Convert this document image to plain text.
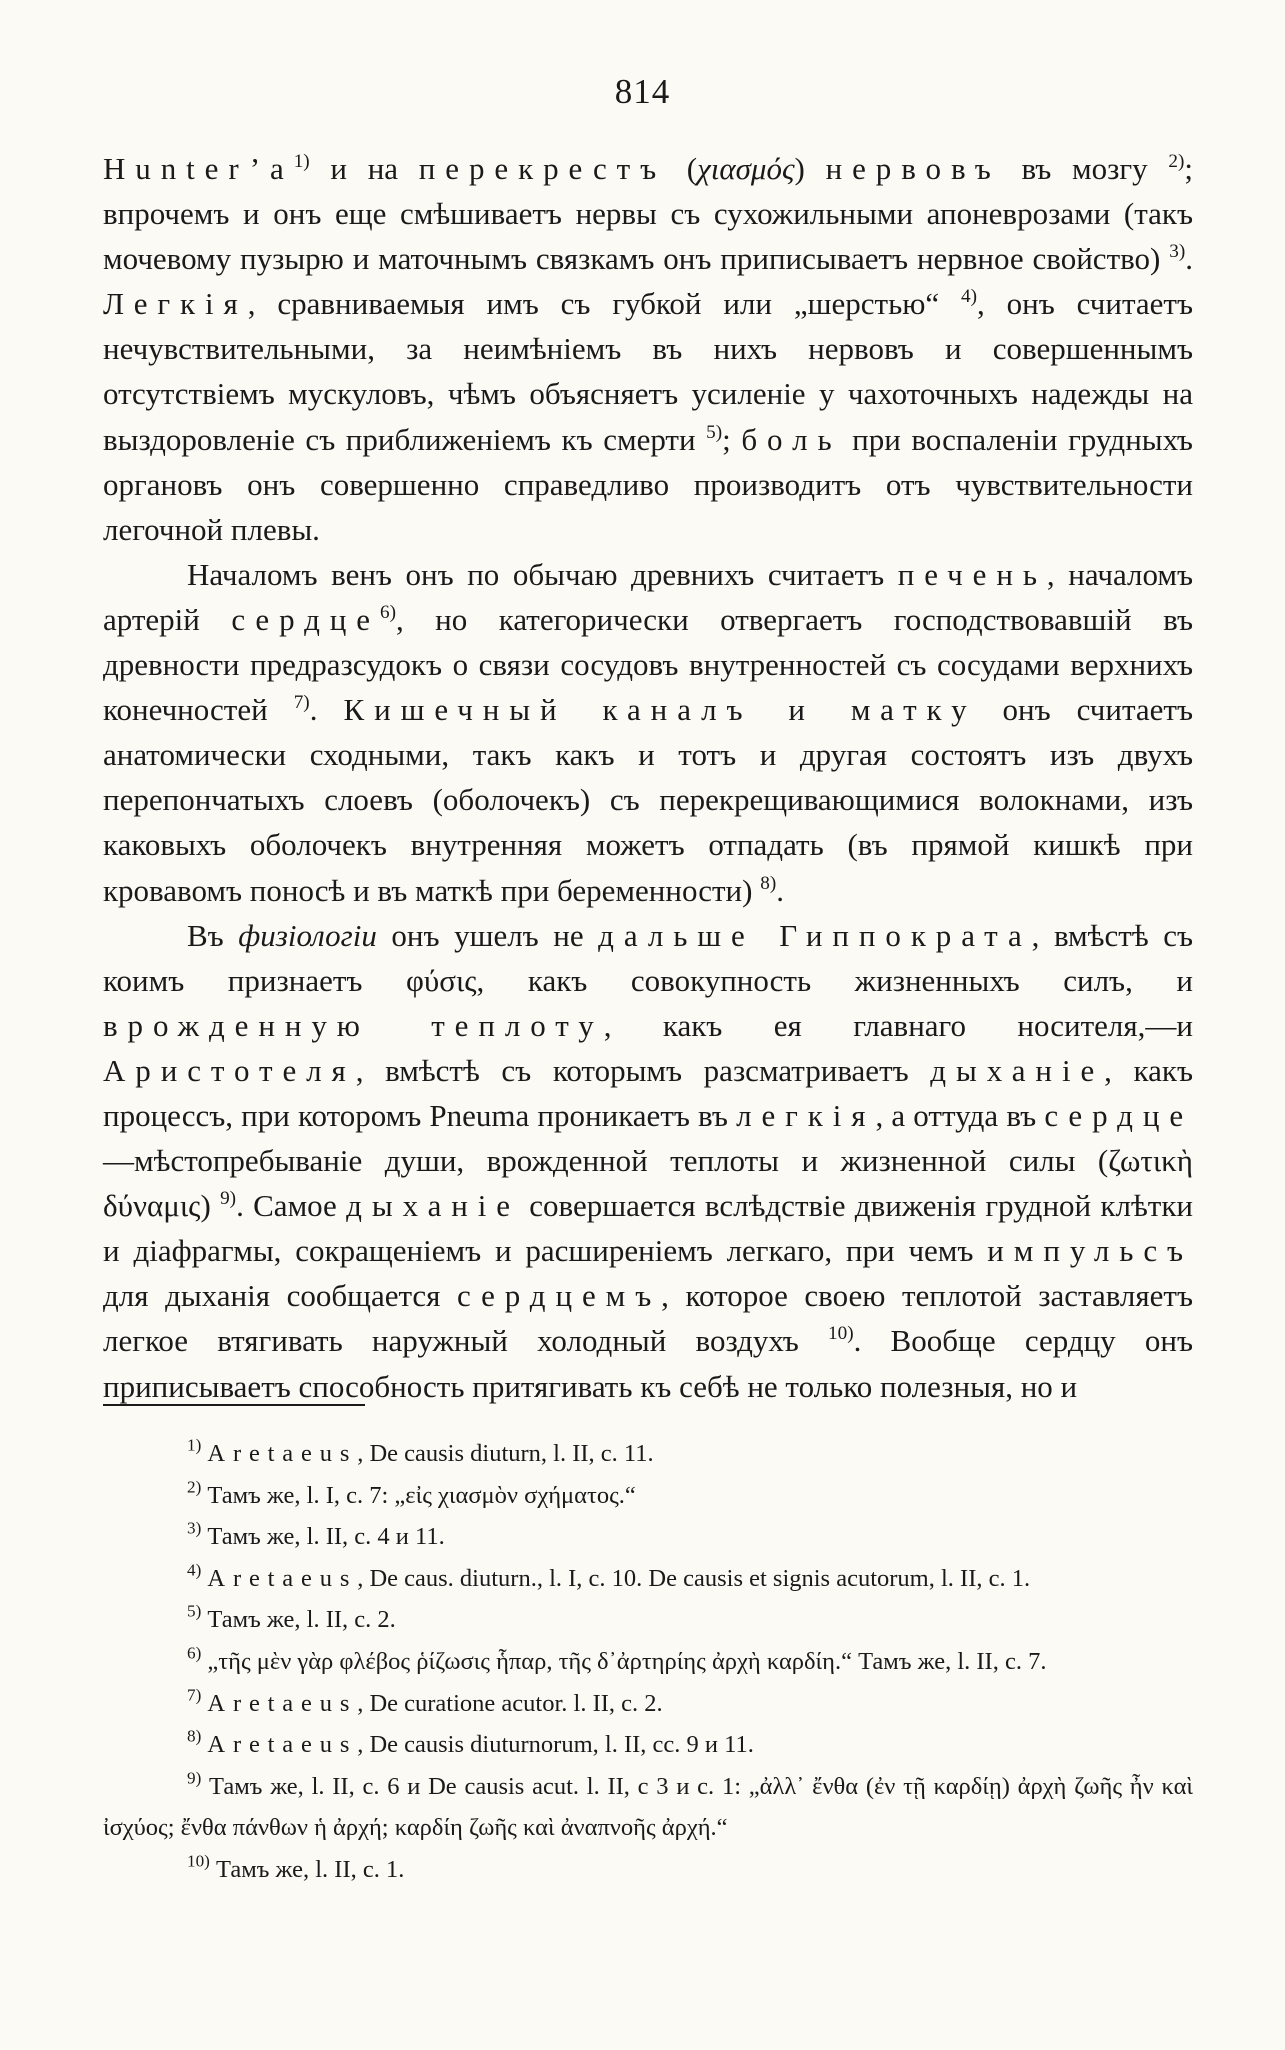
814

$Hunter’a^{1)}$ и на перекрестъ (χιασμός) нервовъ въ мозгу $^{2)}$; впрочемъ и онъ еще смѣшиваетъ нервы съ сухожильными апоневрозами (такъ мочевому пузырю и маточнымъ связкамъ онъ приписываетъ нервное свойство) $^{3)}$. Легкія, сравниваемыя имъ съ губкой или „шерстью“ $^{4)}$, онъ считаетъ нечувствительными, за неимѣніемъ въ нихъ нервовъ и совершеннымъ отсутствіемъ мускуловъ, чѣмъ объясняетъ усиленіе у чахоточныхъ надежды на выздоровленіе съ приближеніемъ къ смерти $^{5)}$; боль при воспаленіи грудныхъ органовъ онъ совершенно справедливо производитъ отъ чувствительности легочной плевы.

Началомъ венъ онъ по обычаю древнихъ считаетъ печень, началомъ артерій сердце$^{6)}$, но категорически отвергаетъ господствовавшій въ древности предразсудокъ о связи сосудовъ внутренностей съ сосудами верхнихъ конечностей $^{7)}$. Кишечный каналъ и матку онъ считаетъ анатомически сходными, такъ какъ и тотъ и другая состоятъ изъ двухъ перепончатыхъ слоевъ (оболочекъ) съ перекрещивающимися волокнами, изъ каковыхъ оболочекъ внутренняя можетъ отпадать (въ прямой кишкѣ при кровавомъ поносѣ и въ маткѣ при беременности) $^{8)}$.

Въ физіологіи онъ ушелъ не дальше Гиппократа, вмѣстѣ съ коимъ признаетъ φύσις, какъ совокупность жизненныхъ силъ, и врожденную теплоту, какъ ея главнаго носителя,—и Аристотеля, вмѣстѣ съ которымъ разсматриваетъ дыханіе, какъ процессъ, при которомъ Pneuma проникаетъ въ легкія, а оттуда въ сердце—мѣстопребываніе души, врожденной теплоты и жизненной силы (ζωτικὴ δύναμις) $^{9)}$. Самое дыханіе совершается вслѣдствіе движенія грудной клѣтки и діафрагмы, сокращеніемъ и расширеніемъ легкаго, при чемъ импульсъ для дыханія сообщается сердцемъ, которое своею теплотой заставляетъ легкое втягивать наружный холодный воздухъ $^{10)}$. Вообще сердцу онъ приписываетъ способность притягивать къ себѣ не только полезныя, но и

$^{1)}$ Aretaeus, De causis diuturn, l. II, c. 11.

$^{2)}$ Тамъ же, l. I, c. 7: „εἰς χιασμὸν σχήματος.“

$^{3)}$ Тамъ же, l. II, c. 4 и 11.

$^{4)}$ Aretaeus, De caus. diuturn., l. I, c. 10. De causis et signis acutorum, l. II, c. 1.

$^{5)}$ Тамъ же, l. II, c. 2.

$^{6)}$ „τῆς μὲν γὰρ φλέβος ῥίζωσις ἧπαρ, τῆς δ᾽ἀρτηρίης ἀρχὴ καρδίη.“ Тамъ же, l. II, c. 7.

$^{7)}$ Aretaeus, De curatione acutor. l. II, c. 2.

$^{8)}$ Aretaeus, De causis diuturnorum, l. II, cc. 9 и 11.

$^{9)}$ Тамъ же, l. II, c. 6 и De causis acut. l. II, c 3 и c. 1: „ἀλλ᾽ ἔνθα (ἐν τῇ καρδίῃ) ἀρχὴ ζωῆς ἦν καὶ ἰσχύος; ἔνθα πάνθων ἡ ἀρχή; καρδίη ζωῆς καὶ ἀναπνοῆς ἀρχή.“

$^{10)}$ Тамъ же, l. II, c. 1.
